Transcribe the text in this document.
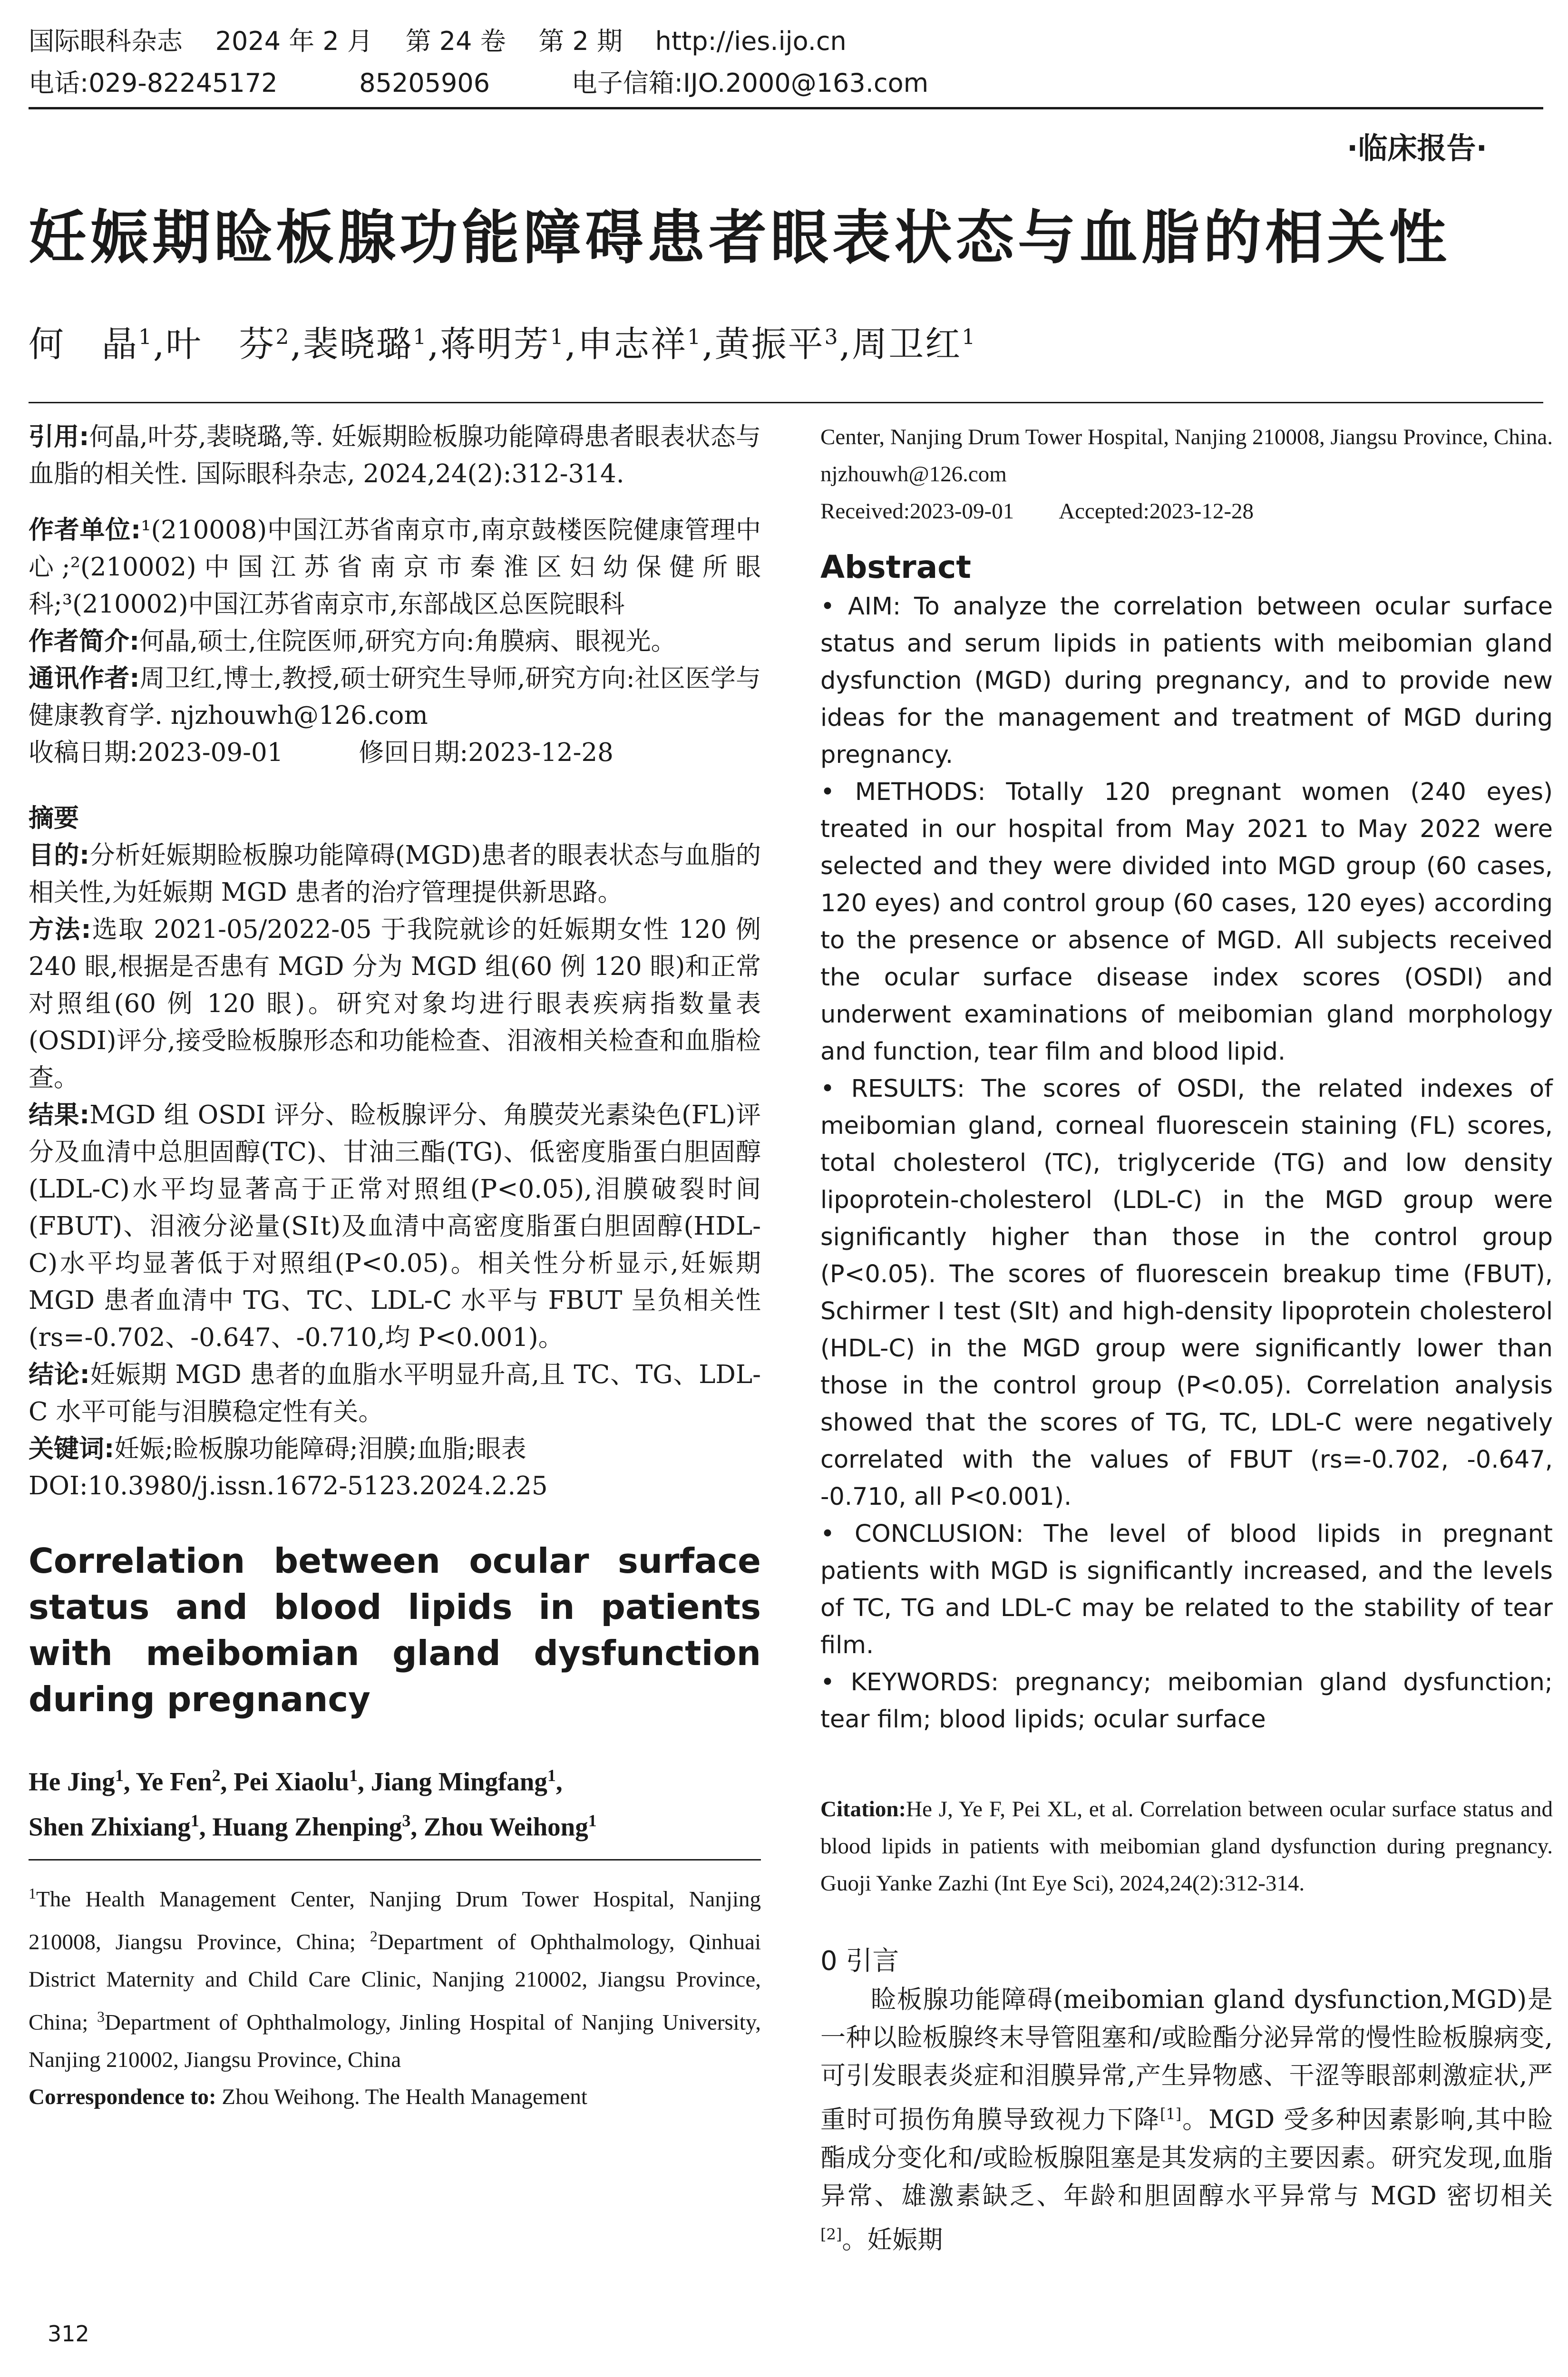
国际眼科杂志    2024 年 2 月    第 24 卷    第 2 期    http://ies.ijo.cn
电话:029-82245172          85205906          电子信箱:IJO.2000@163.com
·临床报告·
妊娠期睑板腺功能障碍患者眼表状态与血脂的相关性
何　晶$^1$,叶　芬$^2$,裴晓璐$^1$,蒋明芳$^1$,申志祥$^1$,黄振平$^3$,周卫红$^1$
引用:何晶,叶芬,裴晓璐,等. 妊娠期睑板腺功能障碍患者眼表状态与血脂的相关性. 国际眼科杂志, 2024,24(2):312-314.
作者单位:¹(210008)中国江苏省南京市,南京鼓楼医院健康管理中心;²(210002)中国江苏省南京市秦淮区妇幼保健所眼科;³(210002)中国江苏省南京市,东部战区总医院眼科
作者简介:何晶,硕士,住院医师,研究方向:角膜病、眼视光。
通讯作者:周卫红,博士,教授,硕士研究生导师,研究方向:社区医学与健康教育学. njzhouwh@126.com
收稿日期:2023-09-01　　　修回日期:2023-12-28
摘要
目的:分析妊娠期睑板腺功能障碍(MGD)患者的眼表状态与血脂的相关性,为妊娠期 MGD 患者的治疗管理提供新思路。
方法:选取 2021-05/2022-05 于我院就诊的妊娠期女性 120 例 240 眼,根据是否患有 MGD 分为 MGD 组(60 例 120 眼)和正常对照组(60 例 120 眼)。研究对象均进行眼表疾病指数量表(OSDI)评分,接受睑板腺形态和功能检查、泪液相关检查和血脂检查。
结果:MGD 组 OSDI 评分、睑板腺评分、角膜荧光素染色(FL)评分及血清中总胆固醇(TC)、甘油三酯(TG)、低密度脂蛋白胆固醇(LDL-C)水平均显著高于正常对照组(P<0.05),泪膜破裂时间(FBUT)、泪液分泌量(SⅠt)及血清中高密度脂蛋白胆固醇(HDL-C)水平均显著低于对照组(P<0.05)。相关性分析显示,妊娠期 MGD 患者血清中 TG、TC、LDL-C 水平与 FBUT 呈负相关性(rs=-0.702、-0.647、-0.710,均 P<0.001)。
结论:妊娠期 MGD 患者的血脂水平明显升高,且 TC、TG、LDL-C 水平可能与泪膜稳定性有关。
关键词:妊娠;睑板腺功能障碍;泪膜;血脂;眼表
DOI:10.3980/j.issn.1672-5123.2024.2.25
Correlation between ocular surface status and blood lipids in patients with meibomian gland dysfunction during pregnancy
He Jing$^1$, Ye Fen$^2$, Pei Xiaolu$^1$, Jiang Mingfang$^1$,
Shen Zhixiang$^1$, Huang Zhenping$^3$, Zhou Weihong$^1$
$^1$The Health Management Center, Nanjing Drum Tower Hospital, Nanjing 210008, Jiangsu Province, China; $^2$Department of Ophthalmology, Qinhuai District Maternity and Child Care Clinic, Nanjing 210002, Jiangsu Province, China; $^3$Department of Ophthalmology, Jinling Hospital of Nanjing University, Nanjing 210002, Jiangsu Province, China
Correspondence to: Zhou Weihong. The Health Management
Center, Nanjing Drum Tower Hospital, Nanjing 210008, Jiangsu Province, China. njzhouwh@126.com
Received:2023-09-01　　Accepted:2023-12-28
Abstract

• AIM: To analyze the correlation between ocular surface status and serum lipids in patients with meibomian gland dysfunction (MGD) during pregnancy, and to provide new ideas for the management and treatment of MGD during pregnancy.

• METHODS: Totally 120 pregnant women (240 eyes) treated in our hospital from May 2021 to May 2022 were selected and they were divided into MGD group (60 cases, 120 eyes) and control group (60 cases, 120 eyes) according to the presence or absence of MGD. All subjects received the ocular surface disease index scores (OSDI) and underwent examinations of meibomian gland morphology and function, tear film and blood lipid.

• RESULTS: The scores of OSDI, the related indexes of meibomian gland, corneal fluorescein staining (FL) scores, total cholesterol (TC), triglyceride (TG) and low density lipoprotein-cholesterol (LDL-C) in the MGD group were significantly higher than those in the control group (P<0.05). The scores of fluorescein breakup time (FBUT), Schirmer Ⅰ test (SIt) and high-density lipoprotein cholesterol (HDL-C) in the MGD group were significantly lower than those in the control group (P<0.05). Correlation analysis showed that the scores of TG, TC, LDL-C were negatively correlated with the values of FBUT (rs=-0.702, -0.647, -0.710, all P<0.001).

• CONCLUSION: The level of blood lipids in pregnant patients with MGD is significantly increased, and the levels of TC, TG and LDL-C may be related to the stability of tear film.

• KEYWORDS: pregnancy; meibomian gland dysfunction; tear film; blood lipids; ocular surface

Citation:He J, Ye F, Pei XL, et al. Correlation between ocular surface status and blood lipids in patients with meibomian gland dysfunction during pregnancy. Guoji Yanke Zazhi (Int Eye Sci), 2024,24(2):312-314.
0 引言
睑板腺功能障碍(meibomian gland dysfunction,MGD)是一种以睑板腺终末导管阻塞和/或睑酯分泌异常的慢性睑板腺病变,可引发眼表炎症和泪膜异常,产生异物感、干涩等眼部刺激症状,严重时可损伤角膜导致视力下降[1]。MGD 受多种因素影响,其中睑酯成分变化和/或睑板腺阻塞是其发病的主要因素。研究发现,血脂异常、雄激素缺乏、年龄和胆固醇水平异常与 MGD 密切相关[2]。妊娠期
312
